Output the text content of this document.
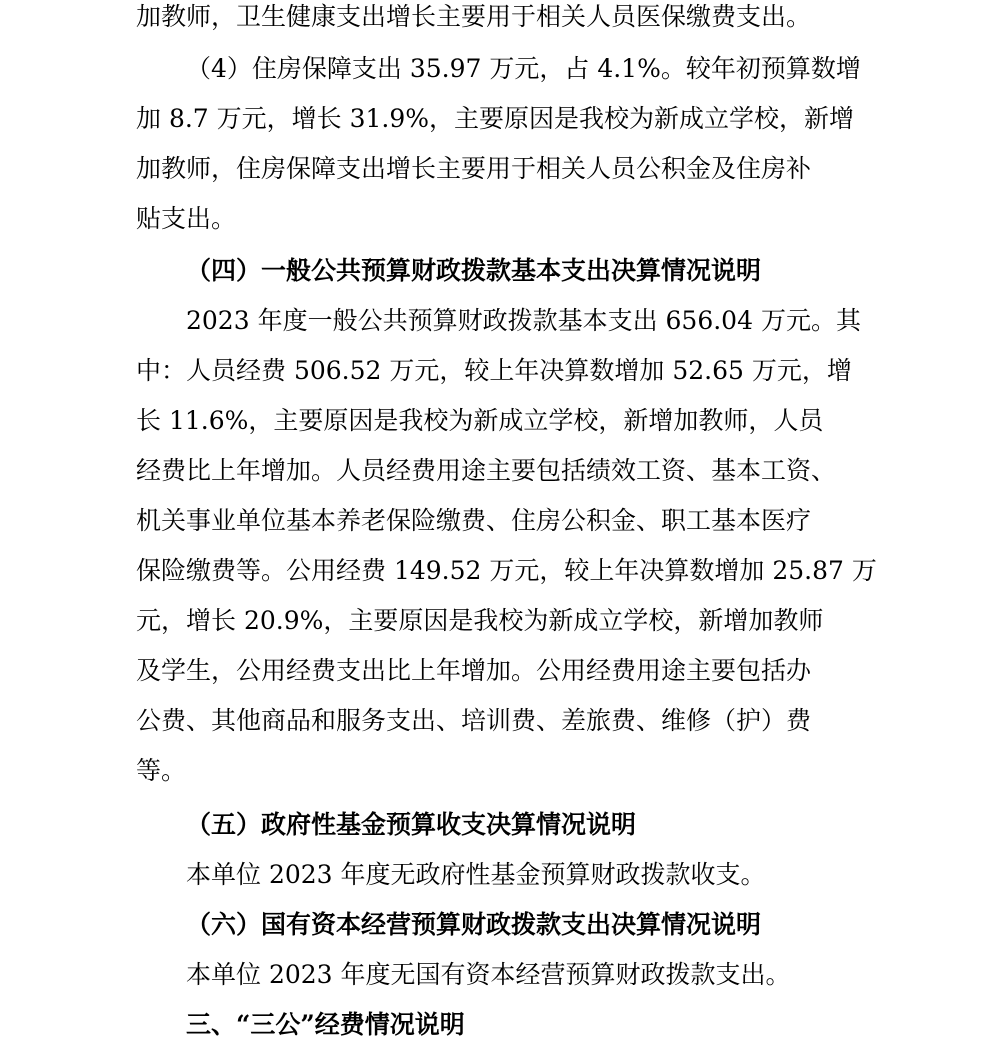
加教师，卫生健康支出增长主要用于相关人员医保缴费支出。
（4）住房保障支出 35.97 万元，占 4.1%。较年初预算数增
加 8.7 万元，增长 31.9%，主要原因是我校为新成立学校，新增
加教师，住房保障支出增长主要用于相关人员公积金及住房补
贴支出。
（四）一般公共预算财政拨款基本支出决算情况说明
2023 年度一般公共预算财政拨款基本支出 656.04 万元。其
中：人员经费 506.52 万元，较上年决算数增加 52.65 万元，增
长 11.6%，主要原因是我校为新成立学校，新增加教师，人员
经费比上年增加。人员经费用途主要包括绩效工资、基本工资、
机关事业单位基本养老保险缴费、住房公积金、职工基本医疗
保险缴费等。公用经费 149.52 万元，较上年决算数增加 25.87 万
元，增长 20.9%，主要原因是我校为新成立学校，新增加教师
及学生，公用经费支出比上年增加。公用经费用途主要包括办
公费、其他商品和服务支出、培训费、差旅费、维修（护）费
等。
（五）政府性基金预算收支决算情况说明
本单位 2023 年度无政府性基金预算财政拨款收支。
（六）国有资本经营预算财政拨款支出决算情况说明
本单位 2023 年度无国有资本经营预算财政拨款支出。
三、“三公”经费情况说明
